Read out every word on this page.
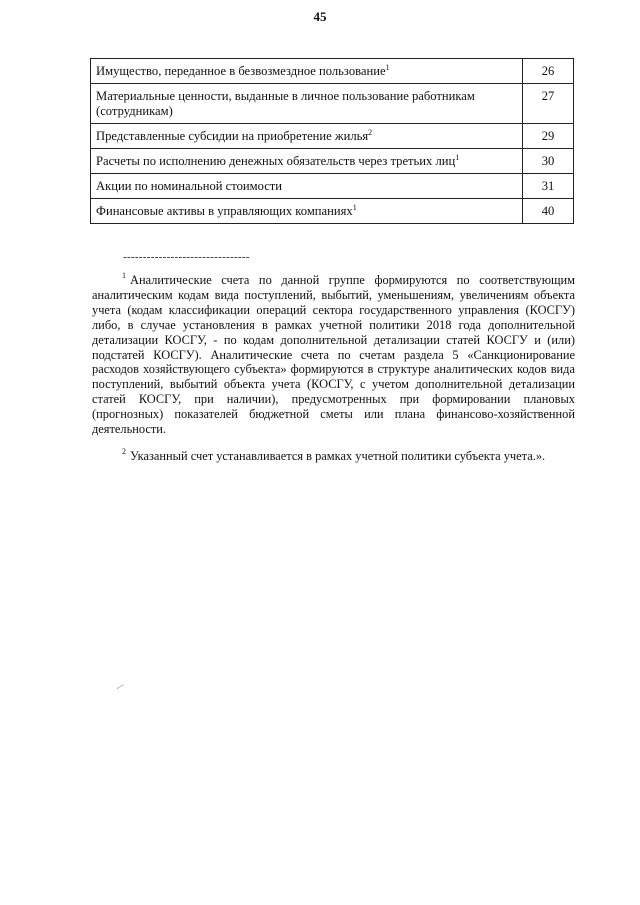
45
Имущество, переданное в безвозмездное пользование$^1$	26
Материальные ценности, выданные в личное пользование работникам (сотрудникам)	27
Представленные субсидии на приобретение жилья$^2$	29
Расчеты по исполнению денежных обязательств через третьих лиц$^1$	30
Акции по номинальной стоимости	31
Финансовые активы в управляющих компаниях$^1$	40
--------------------------------

$^1$ Аналитические счета по данной группе формируются по соответствующим аналитическим кодам вида поступлений, выбытий, уменьшениям, увеличениям объекта учета (кодам классификации операций сектора государственного управления (КОСГУ) либо, в случае установления в рамках учетной политики 2018 года дополнительной детализации КОСГУ, - по кодам дополнительной детализации статей КОСГУ и (или) подстатей КОСГУ). Аналитические счета по счетам раздела 5 «Санкционирование расходов хозяйствующего субъекта» формируются в структуре аналитических кодов вида поступлений, выбытий объекта учета (КОСГУ, с учетом дополнительной детализации статей КОСГУ, при наличии), предусмотренных при формировании плановых (прогнозных) показателей бюджетной сметы или плана финансово-хозяйственной деятельности.

$^2$ Указанный счет устанавливается в рамках учетной политики субъекта учета.».
